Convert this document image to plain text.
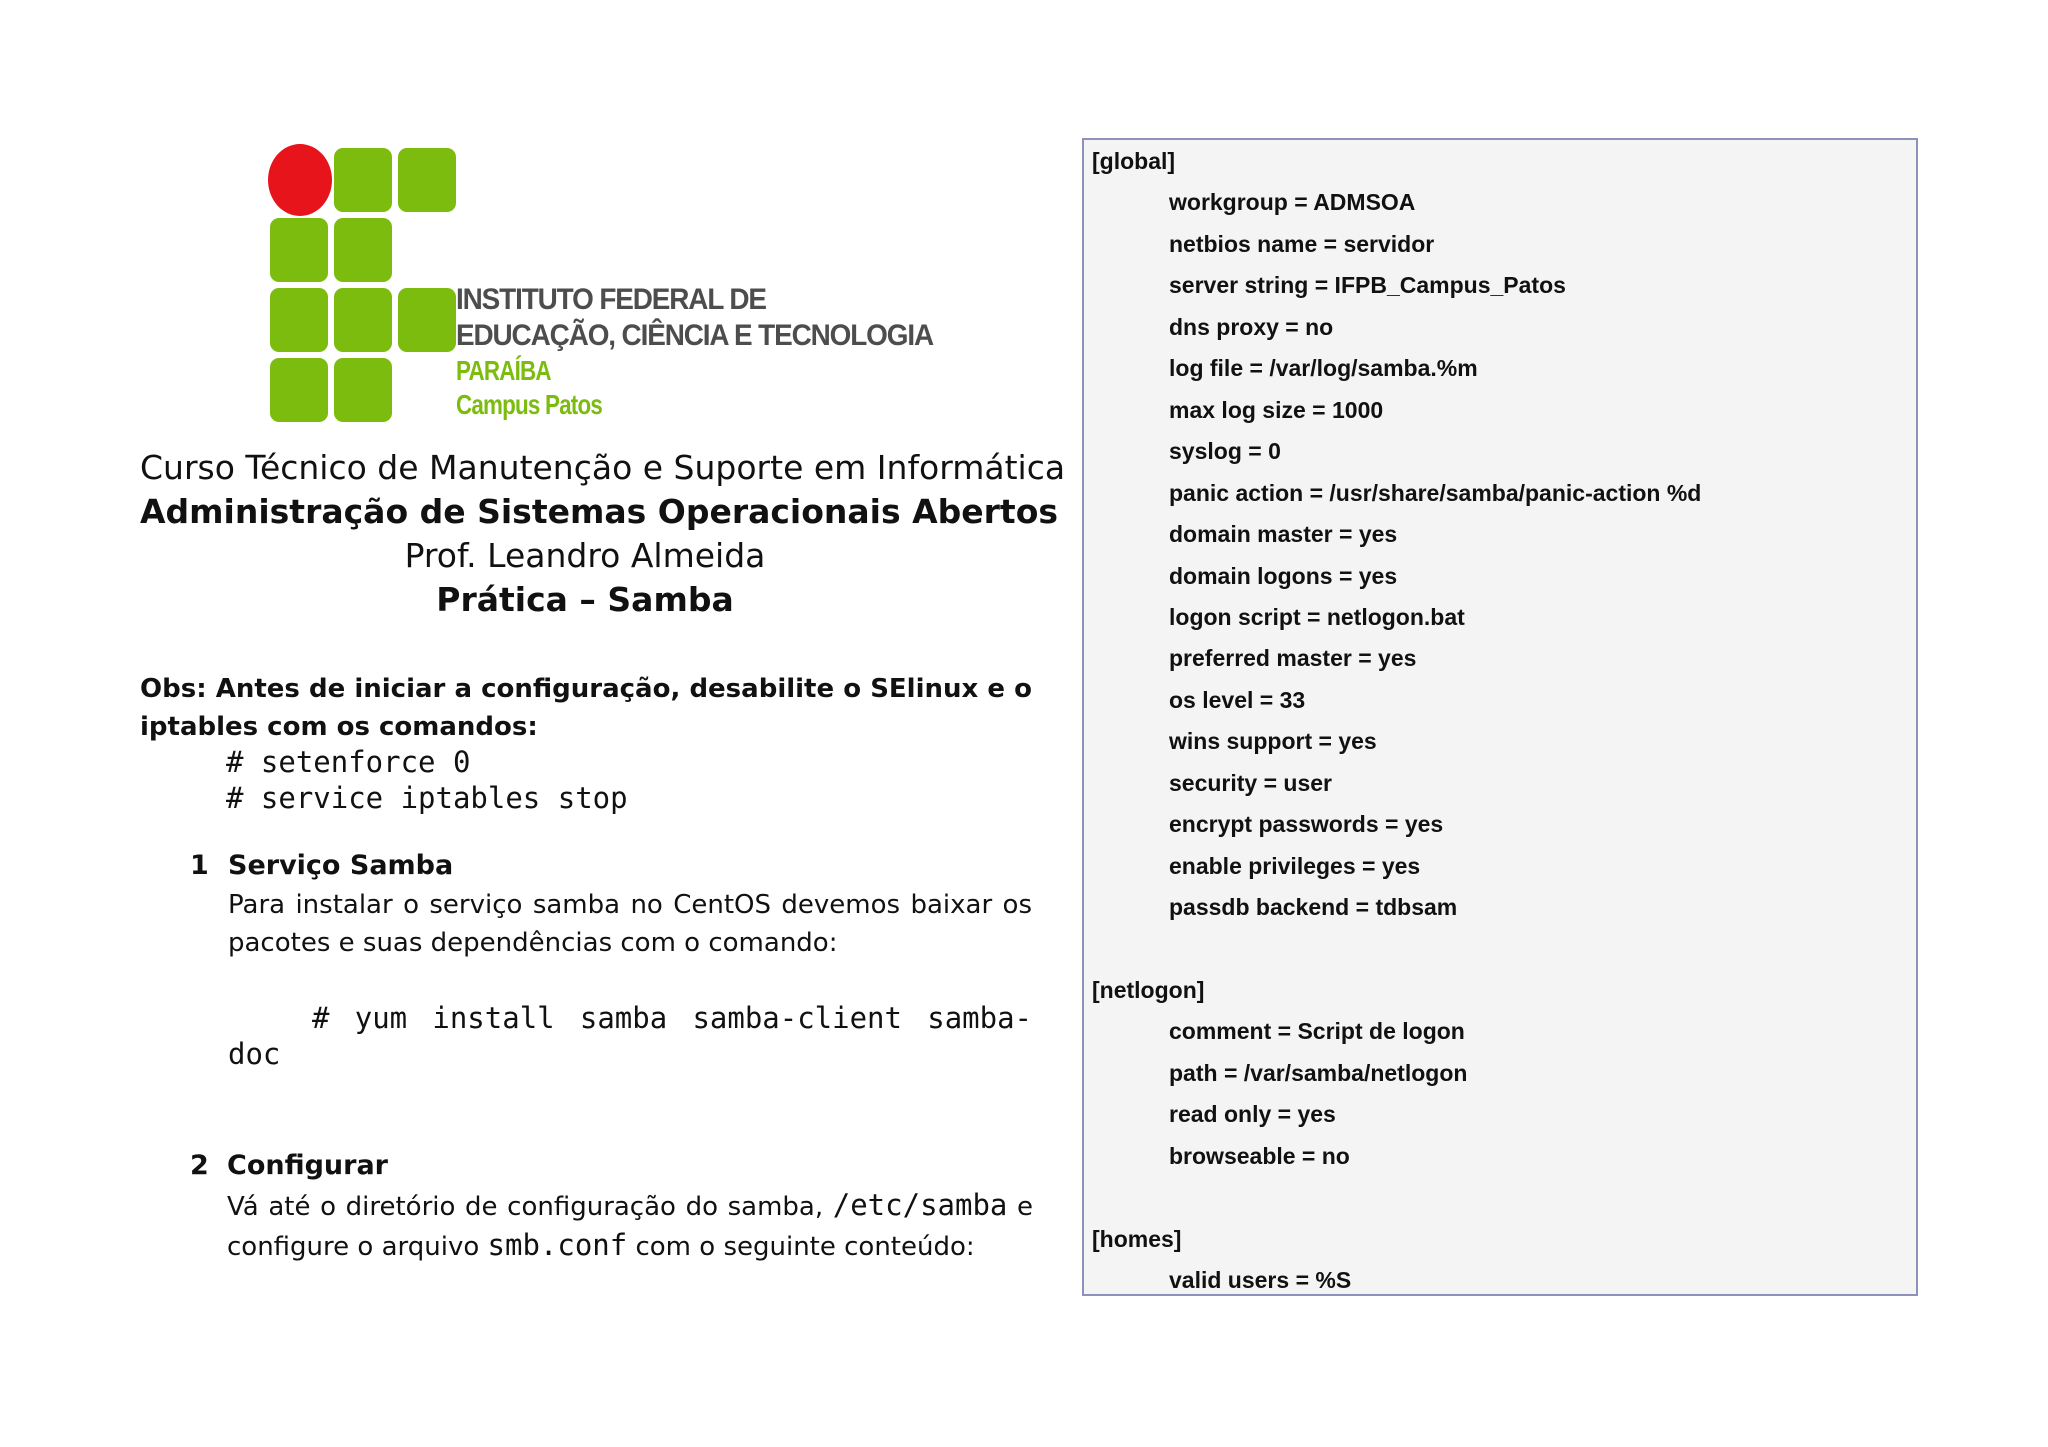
INSTITUTO FEDERAL DE
EDUCAÇÃO, CIÊNCIA E TECNOLOGIA
PARAÍBA
Campus Patos
Curso Técnico de Manutenção e Suporte em Informática
Administração de Sistemas Operacionais Abertos
Prof. Leandro Almeida
Prática – Samba
Obs: Antes de iniciar a configuração, desabilite o SElinux e o iptables com os comandos:
# setenforce 0
# service iptables stop
1 Serviço Samba
Para instalar o serviço samba no CentOS devemos baixar os pacotes e suas dependências com o comando:
# yum install samba samba-client samba-
doc
2 Configurar
Vá até o diretório de configuração do samba, /etc/samba e configure o arquivo smb.conf com o seguinte conteúdo:
[global]
workgroup = ADMSOA
netbios name = servidor
server string = IFPB_Campus_Patos
dns proxy = no
log file = /var/log/samba.%m
max log size = 1000
syslog = 0
panic action = /usr/share/samba/panic-action %d
domain master = yes
domain logons = yes
logon script = netlogon.bat
preferred master = yes
os level = 33
wins support = yes
security = user
encrypt passwords = yes
enable privileges = yes
passdb backend = tdbsam
[netlogon]
comment = Script de logon
path = /var/samba/netlogon
read only = yes
browseable = no
[homes]
valid users = %S
